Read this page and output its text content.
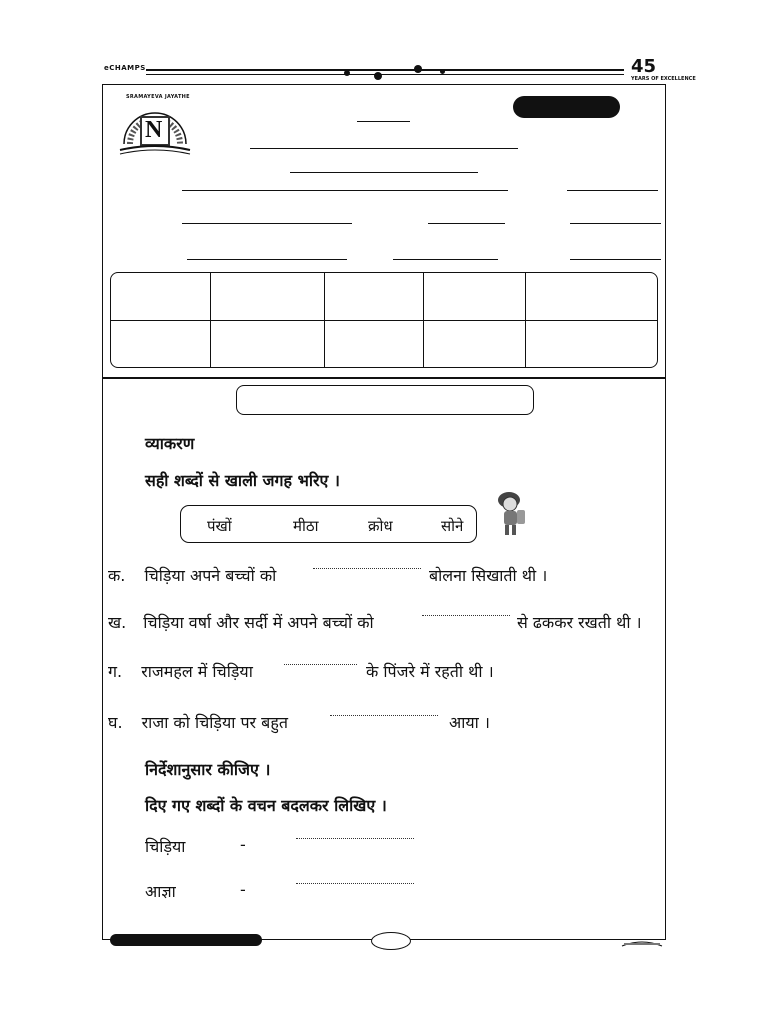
eCHAMPS	45
YEARS OF EXCELLENCE
N
SRAMAYEVA JAYATHE

व्याकरण
सही शब्दों से खाली जगह भरिए ।
पंखों	मीठा	क्रोध	सोने
क. चिड़िया अपने बच्चों को	बोलना सिखाती थी ।
ख. चिड़िया वर्षा और सर्दी में अपने बच्चों को	से ढककर रखती थी ।
ग. राजमहल में चिड़िया	के पिंजरे में रहती थी ।
घ. राजा को चिड़िया पर बहुत	आया ।
निर्देशानुसार कीजिए ।
दिए गए शब्दों के वचन बदलकर लिखिए ।
चिड़िया	-
आज्ञा	-
